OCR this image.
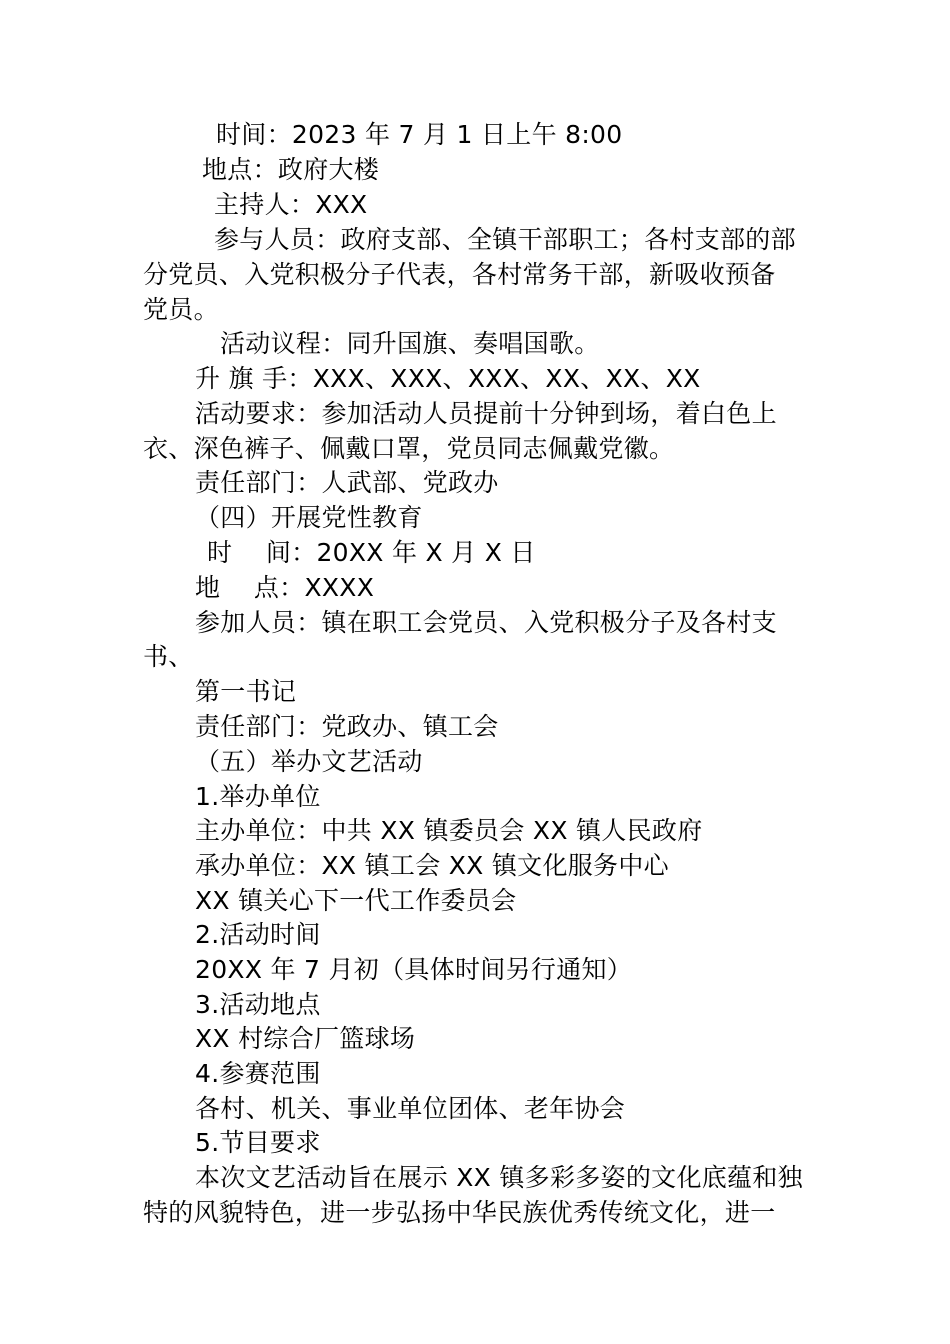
时间：2023 年 7 月 1 日上午 8:00
地点：政府大楼
主持人：XXX
参与人员：政府支部、全镇干部职工；各村支部的部
分党员、入党积极分子代表，各村常务干部，新吸收预备
党员。
活动议程：同升国旗、奏唱国歌。
升 旗 手：XXX、XXX、XXX、XX、XX、XX
活动要求：参加活动人员提前十分钟到场，着白色上
衣、深色裤子、佩戴口罩，党员同志佩戴党徽。
责任部门：人武部、党政办
（四）开展党性教育
时　 间：20XX 年 X 月 X 日
地　 点：XXXX
参加人员：镇在职工会党员、入党积极分子及各村支
书、
第一书记
责任部门：党政办、镇工会
（五）举办文艺活动
1.举办单位
主办单位：中共 XX 镇委员会 XX 镇人民政府
承办单位：XX 镇工会 XX 镇文化服务中心
XX 镇关心下一代工作委员会
2.活动时间
20XX 年 7 月初（具体时间另行通知）
3.活动地点
XX 村综合厂篮球场
4.参赛范围
各村、机关、事业单位团体、老年协会
5.节目要求
本次文艺活动旨在展示 XX 镇多彩多姿的文化底蕴和独
特的风貌特色，进一步弘扬中华民族优秀传统文化，进一
